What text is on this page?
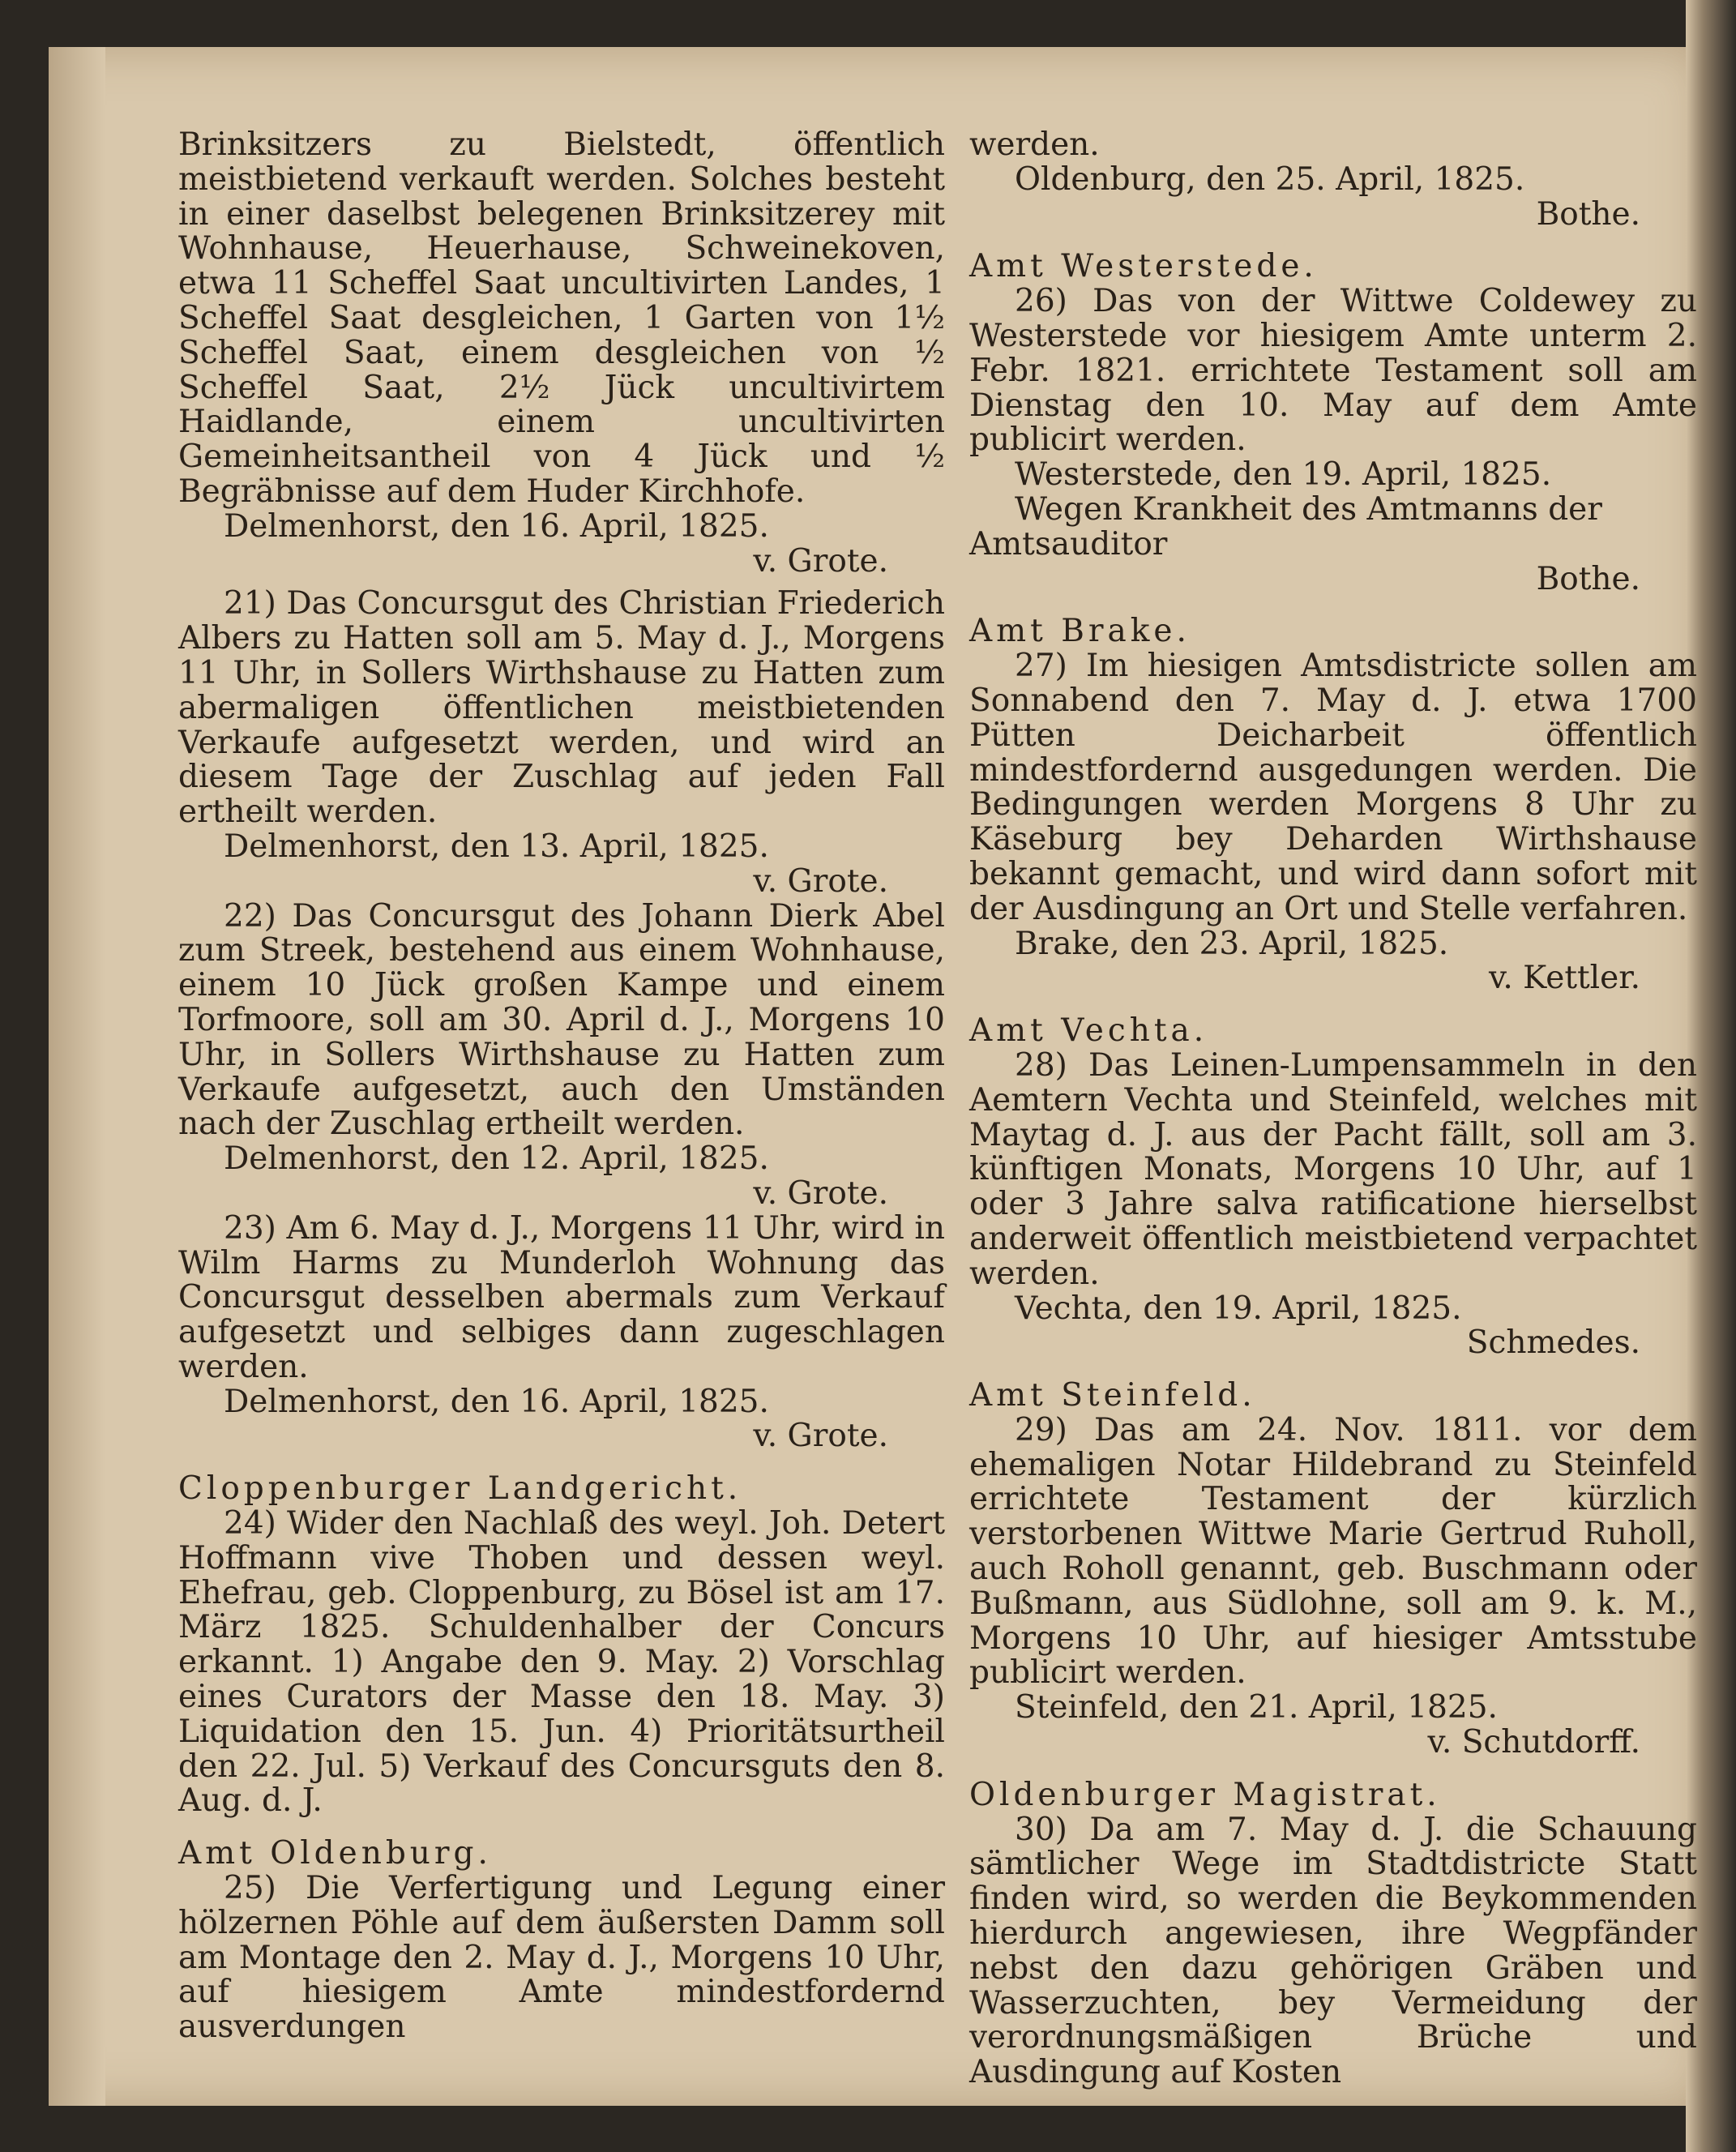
Brinksitzers zu Bielstedt, öffentlich meistbietend verkauft werden. Solches besteht in einer daselbst belegenen Brinksitzerey mit Wohnhause, Heuerhause, Schweinekoven, etwa 11 Scheffel Saat uncultivirten Landes, 1 Scheffel Saat desgleichen, 1 Garten von 1½ Scheffel Saat, einem desgleichen von ½ Scheffel Saat, 2½ Jück uncultivirtem Haidlande, einem uncultivirten Gemeinheitsantheil von 4 Jück und ½ Begräbnisse auf dem Huder Kirchhofe.

Delmenhorst, den 16. April, 1825.

v. Grote.

21) Das Concursgut des Christian Friederich Albers zu Hatten soll am 5. May d. J., Morgens 11 Uhr, in Sollers Wirthshause zu Hatten zum abermaligen öffentlichen meistbietenden Verkaufe aufgesetzt werden, und wird an diesem Tage der Zuschlag auf jeden Fall ertheilt werden.

Delmenhorst, den 13. April, 1825.

v. Grote.

22) Das Concursgut des Johann Dierk Abel zum Streek, bestehend aus einem Wohnhause, einem 10 Jück großen Kampe und einem Torfmoore, soll am 30. April d. J., Morgens 10 Uhr, in Sollers Wirthshause zu Hatten zum Verkaufe aufgesetzt, auch den Umständen nach der Zuschlag ertheilt werden.

Delmenhorst, den 12. April, 1825.

v. Grote.

23) Am 6. May d. J., Morgens 11 Uhr, wird in Wilm Harms zu Munderloh Wohnung das Concursgut desselben abermals zum Verkauf aufgesetzt und selbiges dann zugeschlagen werden.

Delmenhorst, den 16. April, 1825.

v. Grote.

Cloppenburger Landgericht.

24) Wider den Nachlaß des weyl. Joh. Detert Hoffmann vive Thoben und dessen weyl. Ehefrau, geb. Cloppenburg, zu Bösel ist am 17. März 1825. Schuldenhalber der Concurs erkannt. 1) Angabe den 9. May. 2) Vorschlag eines Curators der Masse den 18. May. 3) Liquidation den 15. Jun. 4) Prioritätsurtheil den 22. Jul. 5) Verkauf des Concursguts den 8. Aug. d. J.

Amt Oldenburg.

25) Die Verfertigung und Legung einer hölzernen Pöhle auf dem äußersten Damm soll am Montage den 2. May d. J., Morgens 10 Uhr, auf hiesigem Amte mindestfordernd ausverdungen

werden.

Oldenburg, den 25. April, 1825.

Bothe.

Amt Westerstede.

26) Das von der Wittwe Coldewey zu Westerstede vor hiesigem Amte unterm 2. Febr. 1821. errichtete Testament soll am Dienstag den 10. May auf dem Amte publicirt werden.

Westerstede, den 19. April, 1825.

Wegen Krankheit des Amtmanns der Amtsauditor

Bothe.

Amt Brake.

27) Im hiesigen Amtsdistricte sollen am Sonnabend den 7. May d. J. etwa 1700 Pütten Deicharbeit öffentlich mindestfordernd ausgedungen werden. Die Bedingungen werden Morgens 8 Uhr zu Käseburg bey Deharden Wirthshause bekannt gemacht, und wird dann sofort mit der Ausdingung an Ort und Stelle verfahren.

Brake, den 23. April, 1825.

v. Kettler.

Amt Vechta.

28) Das Leinen-Lumpensammeln in den Aemtern Vechta und Steinfeld, welches mit Maytag d. J. aus der Pacht fällt, soll am 3. künftigen Monats, Morgens 10 Uhr, auf 1 oder 3 Jahre salva ratificatione hierselbst anderweit öffentlich meistbietend verpachtet werden.

Vechta, den 19. April, 1825.

Schmedes.

Amt Steinfeld.

29) Das am 24. Nov. 1811. vor dem ehemaligen Notar Hildebrand zu Steinfeld errichtete Testament der kürzlich verstorbenen Wittwe Marie Gertrud Ruholl, auch Roholl genannt, geb. Buschmann oder Bußmann, aus Südlohne, soll am 9. k. M., Morgens 10 Uhr, auf hiesiger Amtsstube publicirt werden.

Steinfeld, den 21. April, 1825.

v. Schutdorff.

Oldenburger Magistrat.

30) Da am 7. May d. J. die Schauung sämtlicher Wege im Stadtdistricte Statt finden wird, so werden die Beykommenden hierdurch angewiesen, ihre Wegpfänder nebst den dazu gehörigen Gräben und Wasserzuchten, bey Vermeidung der verordnungsmäßigen Brüche und Ausdingung auf Kosten
